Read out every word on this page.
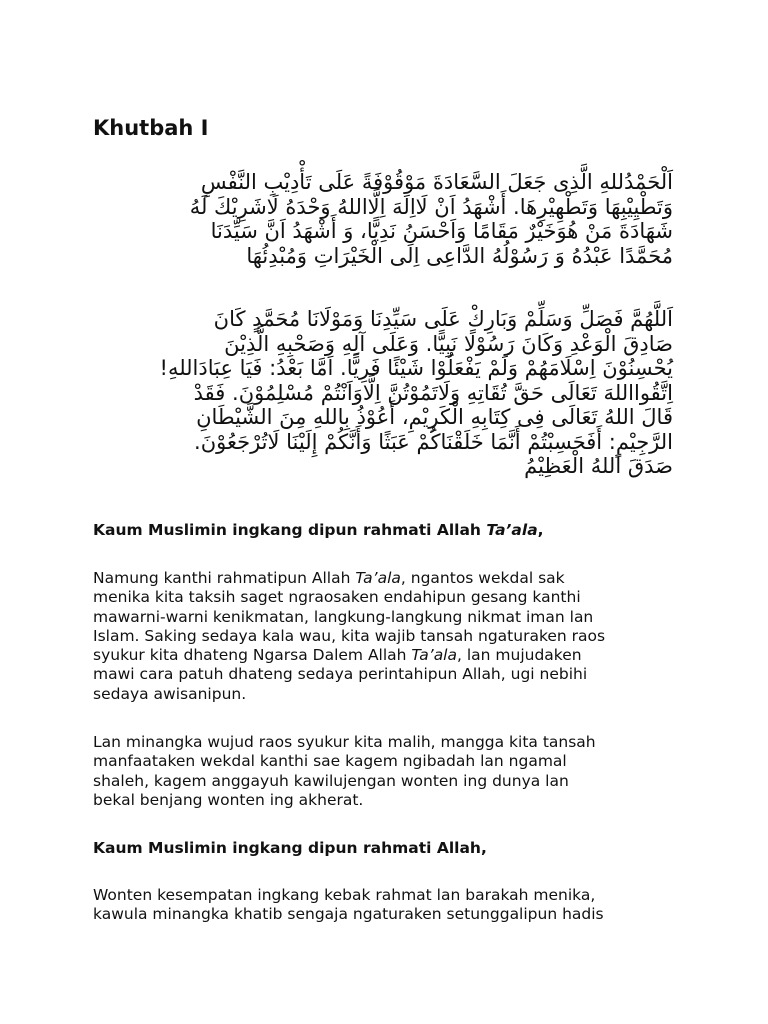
Khutbah I
اَلْحَمْدُللهِ الَّذِى جَعَلَ السَّعَادَةَ مَوْقُوْفَةً عَلَى تَأْدِيْبِ النَّفْسِ
وَتَطْيِيْبِهَا وَتَطْهِيْرِهَا. أَشْهَدُ اَنْ لَااِلَهَ اِلَّااللهُ وَحْدَهُ لَاشَرِيْكَ لَهُ
شَهَادَةَ مَنْ هُوَخَيْرٌ مَقَامًا وَاَحْسَنُ نَدِيًّا، وَ أَشْهَدُ اَنَّ سَيِّدَنَا
مُحَمَّدًا عَبْدُهُ وَ رَسُوْلُهُ الدَّاعِى اِلَى الْخَيْرَاتِ وَمُبْدِئُهَا
اَللَّهُمَّ فَصَلِّ وَسَلِّمْ وَبَارِكْ عَلَى سَيِّدِنَا وَمَوْلَانَا مُحَمَّدٍ كَانَ
صَادِقَ الْوَعْدِ وَكَانَ رَسُوْلًا نَبِيًّا. وَعَلَى آلِهِ وَصَحْبِهِ الَّذِيْنَ
يُحْسِنُوْنَ اِسْلَامَهُمْ وَلَمْ يَفْعَلُوْا شَيْئًا فَرِيًّا. اَمَّا بَعْدُ: فَيَا عِبَادَاللهِ!
اِتَّقُوااللهَ تَعَالَى حَقَّ تُقَاتِهِ وَلَاتَمُوْتُنَّ اِلَّاوَاَنْتُمْ مُسْلِمُوْنَ. فَقَدْ
قَالَ اللهُ تَعَالَى فِى كِتَابِهِ الْكَرِيْمِ، أَعُوْذُ بِاللهِ مِنَ الشَّيْطَانِ
الرَّجِيْمِ: أَفَحَسِبْتُمْ أَنَّمَا خَلَقْنَاكُمْ عَبَثًا وَأَنَّكُمْ إِلَيْنَا لَاتُرْجَعُوْنَ.
صَدَقَ اَللهُ الْعَظِيْمُ

Kaum Muslimin ingkang dipun rahmati Allah Ta’ala,

Namung kanthi rahmatipun Allah Ta’ala, ngantos wekdal sak
menika kita taksih saget ngraosaken endahipun gesang kanthi
mawarni-warni kenikmatan, langkung-langkung nikmat iman lan
Islam. Saking sedaya kala wau, kita wajib tansah ngaturaken raos
syukur kita dhateng Ngarsa Dalem Allah Ta’ala, lan mujudaken
mawi cara patuh dhateng sedaya perintahipun Allah, ugi nebihi
sedaya awisanipun.
Lan minangka wujud raos syukur kita malih, mangga kita tansah
manfaataken wekdal kanthi sae kagem ngibadah lan ngamal
shaleh, kagem anggayuh kawilujengan wonten ing dunya lan
bekal benjang wonten ing akherat.

Kaum Muslimin ingkang dipun rahmati Allah,

Wonten kesempatan ingkang kebak rahmat lan barakah menika,
kawula minangka khatib sengaja ngaturaken setunggalipun hadis
